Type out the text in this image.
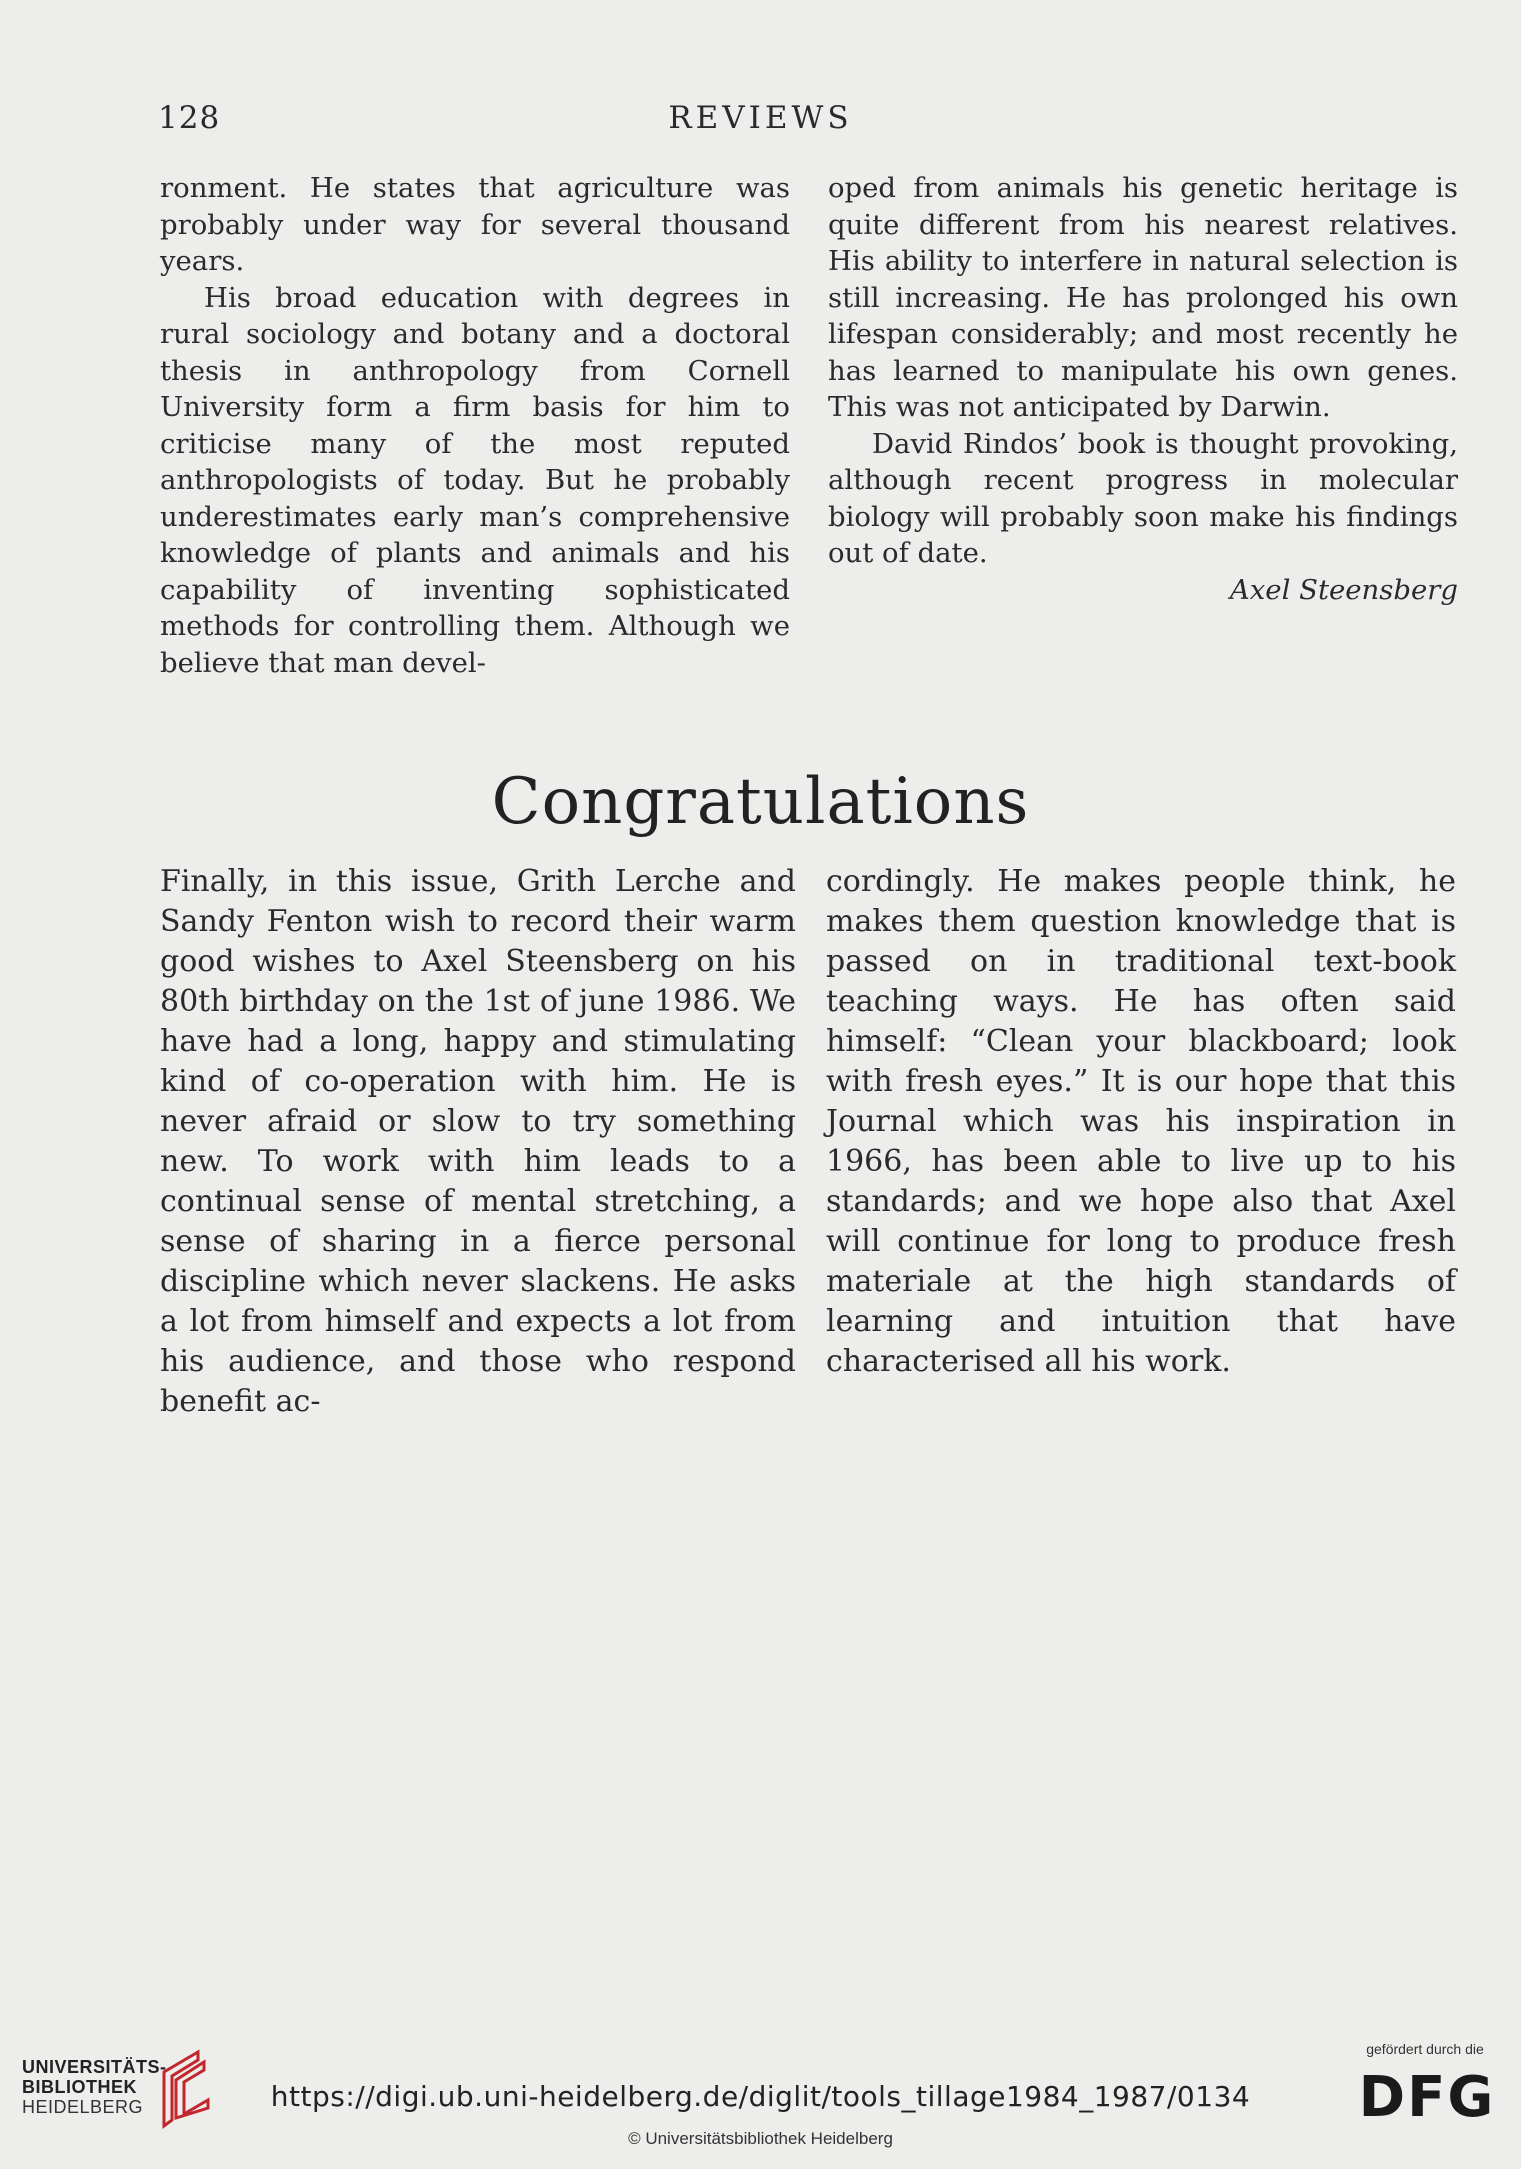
128	REVIEWS

ronment. He states that agriculture was probably under way for several thousand years.

His broad education with degrees in rural sociology and botany and a doctoral thesis in anthropology from Cornell University form a firm basis for him to criticise many of the most reputed anthropologists of today. But he probably underestimates early man’s comprehensive knowledge of plants and animals and his capability of inventing sophisticated methods for controlling them. Although we believe that man devel-

oped from animals his genetic heritage is quite different from his nearest relatives. His ability to interfere in natural selection is still increasing. He has prolonged his own lifespan considerably; and most recently he has learned to manipulate his own genes. This was not anticipated by Darwin.

David Rindos’ book is thought provoking, although recent progress in molecular biology will probably soon make his findings out of date.

Axel Steensberg

Congratulations

Finally, in this issue, Grith Lerche and Sandy Fenton wish to record their warm good wishes to Axel Steensberg on his 80th birthday on the 1st of june 1986. We have had a long, happy and stimulating kind of co-operation with him. He is never afraid or slow to try something new. To work with him leads to a continual sense of mental stretching, a sense of sharing in a fierce personal discipline which never slackens. He asks a lot from himself and expects a lot from his audience, and those who respond benefit ac-

cordingly. He makes people think, he makes them question knowledge that is passed on in traditional text-book teaching ways. He has often said himself: “Clean your blackboard; look with fresh eyes.” It is our hope that this Journal which was his inspiration in 1966, has been able to live up to his standards; and we hope also that Axel will continue for long to produce fresh materiale at the high standards of learning and intuition that have characterised all his work.

UNIVERSITÄTS-
BIBLIOTHEK
HEIDELBERG	https://digi.ub.uni-heidelberg.de/diglit/tools_tillage1984_1987/0134
© Universitätsbibliothek Heidelberg
gefördert durch die
DFG
